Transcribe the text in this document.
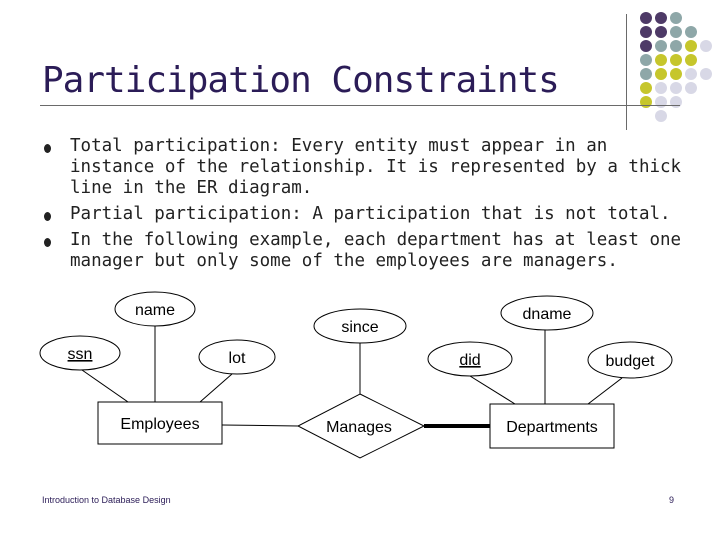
Participation Constraints
Total participation: Every entity must appear in an instance of the relationship. It is represented by a thick line in the ER diagram.
Partial participation: A participation that is not total.
In the following example, each department has at least one manager but only some of the employees are managers.
name
ssn	lot
since
dname
did	budget
Employees	Departments
Manages
Introduction to Database Design	9
